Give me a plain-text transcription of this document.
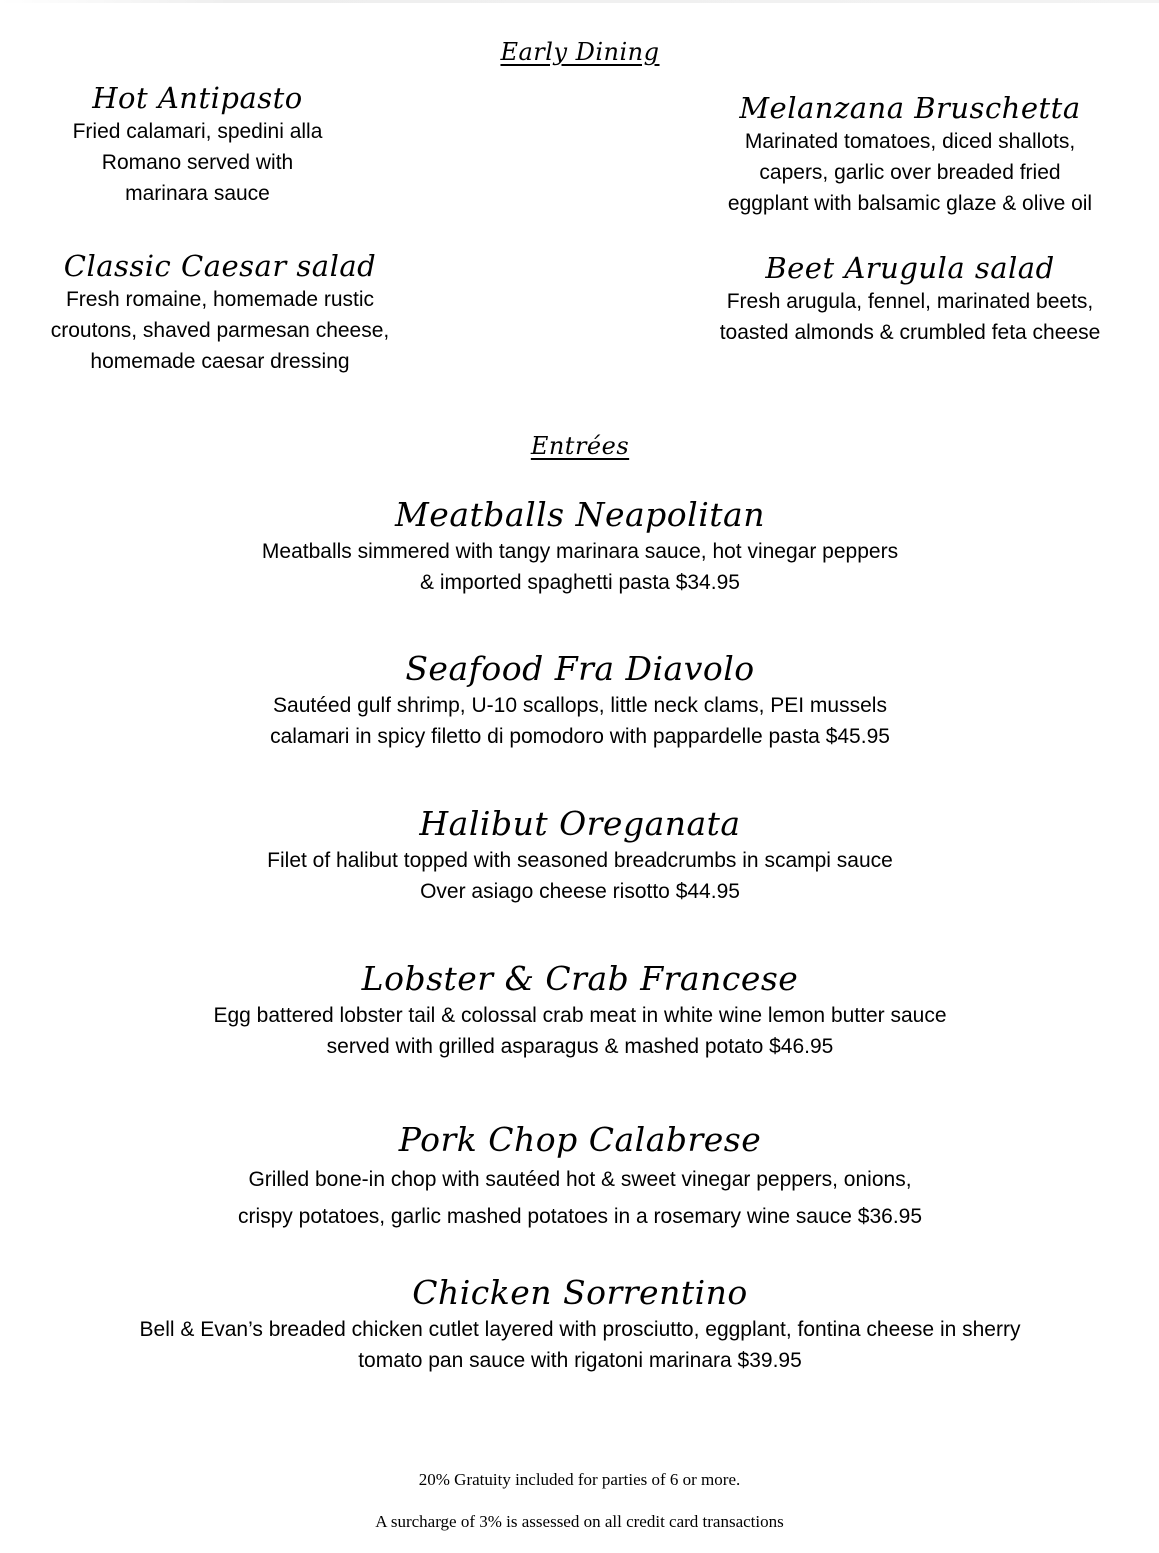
Early Dining
Hot Antipasto
Fried calamari, spedini alla
Romano served with
marinara sauce
Melanzana Bruschetta
Marinated tomatoes, diced shallots,
capers, garlic over breaded fried
eggplant with balsamic glaze & olive oil
Classic Caesar salad
Fresh romaine, homemade rustic
croutons, shaved parmesan cheese,
homemade caesar dressing
Beet Arugula salad
Fresh arugula, fennel, marinated beets,
toasted almonds & crumbled feta cheese
Entrées
Meatballs Neapolitan
Meatballs simmered with tangy marinara sauce, hot vinegar peppers
& imported spaghetti pasta $34.95
Seafood Fra Diavolo
Sautéed gulf shrimp, U-10 scallops, little neck clams, PEI mussels
calamari in spicy filetto di pomodoro with pappardelle pasta $45.95
Halibut Oreganata
Filet of halibut topped with seasoned breadcrumbs in scampi sauce
Over asiago cheese risotto $44.95
Lobster & Crab Francese
Egg battered lobster tail & colossal crab meat in white wine lemon butter sauce
served with grilled asparagus & mashed potato $46.95
Pork Chop Calabrese
Grilled bone-in chop with sautéed hot & sweet vinegar peppers, onions,
crispy potatoes, garlic mashed potatoes in a rosemary wine sauce $36.95
Chicken Sorrentino
Bell & Evan’s breaded chicken cutlet layered with prosciutto, eggplant, fontina cheese in sherry
tomato pan sauce with rigatoni marinara $39.95

20% Gratuity included for parties of 6 or more.

A surcharge of 3% is assessed on all credit card transactions
